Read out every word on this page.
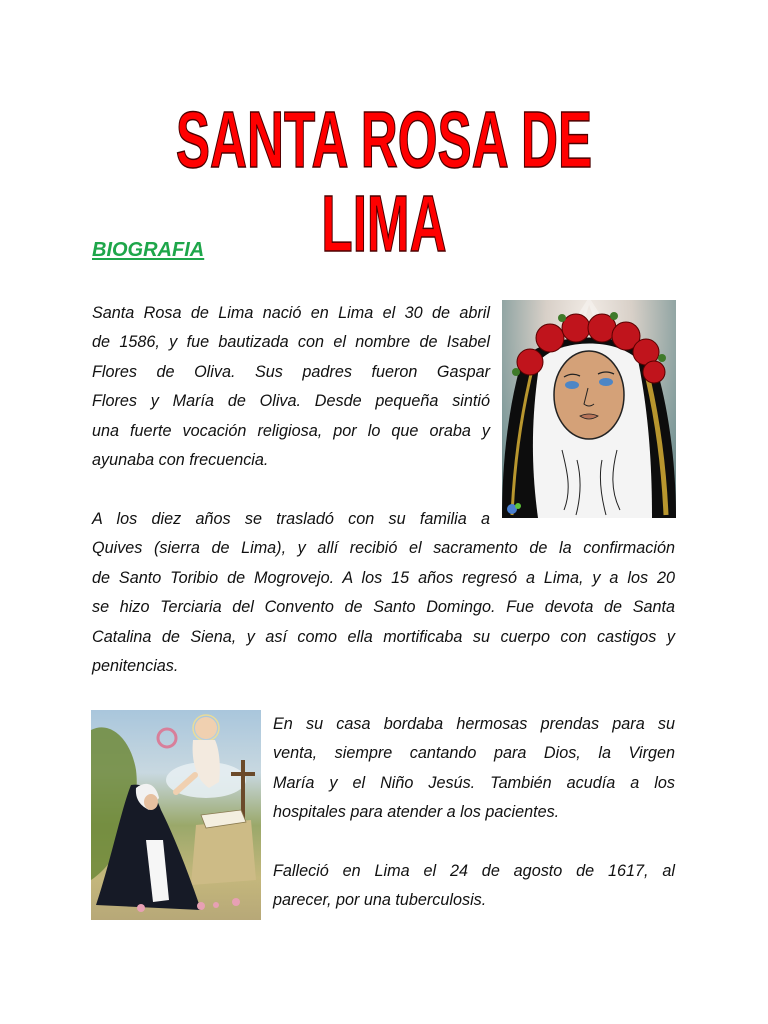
SANTA ROSA DE LIMA
BIOGRAFIA
Santa Rosa de Lima nació en Lima el 30 de abril
de 1586, y fue bautizada con el nombre de Isabel
Flores de Oliva. Sus padres fueron Gaspar
Flores y María de Oliva. Desde pequeña sintió
una fuerte vocación religiosa, por lo que oraba y
ayunaba con frecuencia.
A los diez años se trasladó con su familia a
Quives (sierra de Lima), y allí recibió el sacramento de la confirmación
de Santo Toribio de Mogrovejo. A los 15 años regresó a Lima, y a los 20
se hizo Terciaria del Convento de Santo Domingo. Fue devota de Santa
Catalina de Siena, y así como ella mortificaba su cuerpo con castigos y
penitencias.
En su casa bordaba hermosas prendas para su
venta, siempre cantando para Dios, la Virgen
María y el Niño Jesús. También acudía a los
hospitales para atender a los pacientes.
Falleció en Lima el 24 de agosto de 1617, al
parecer, por una tuberculosis.
